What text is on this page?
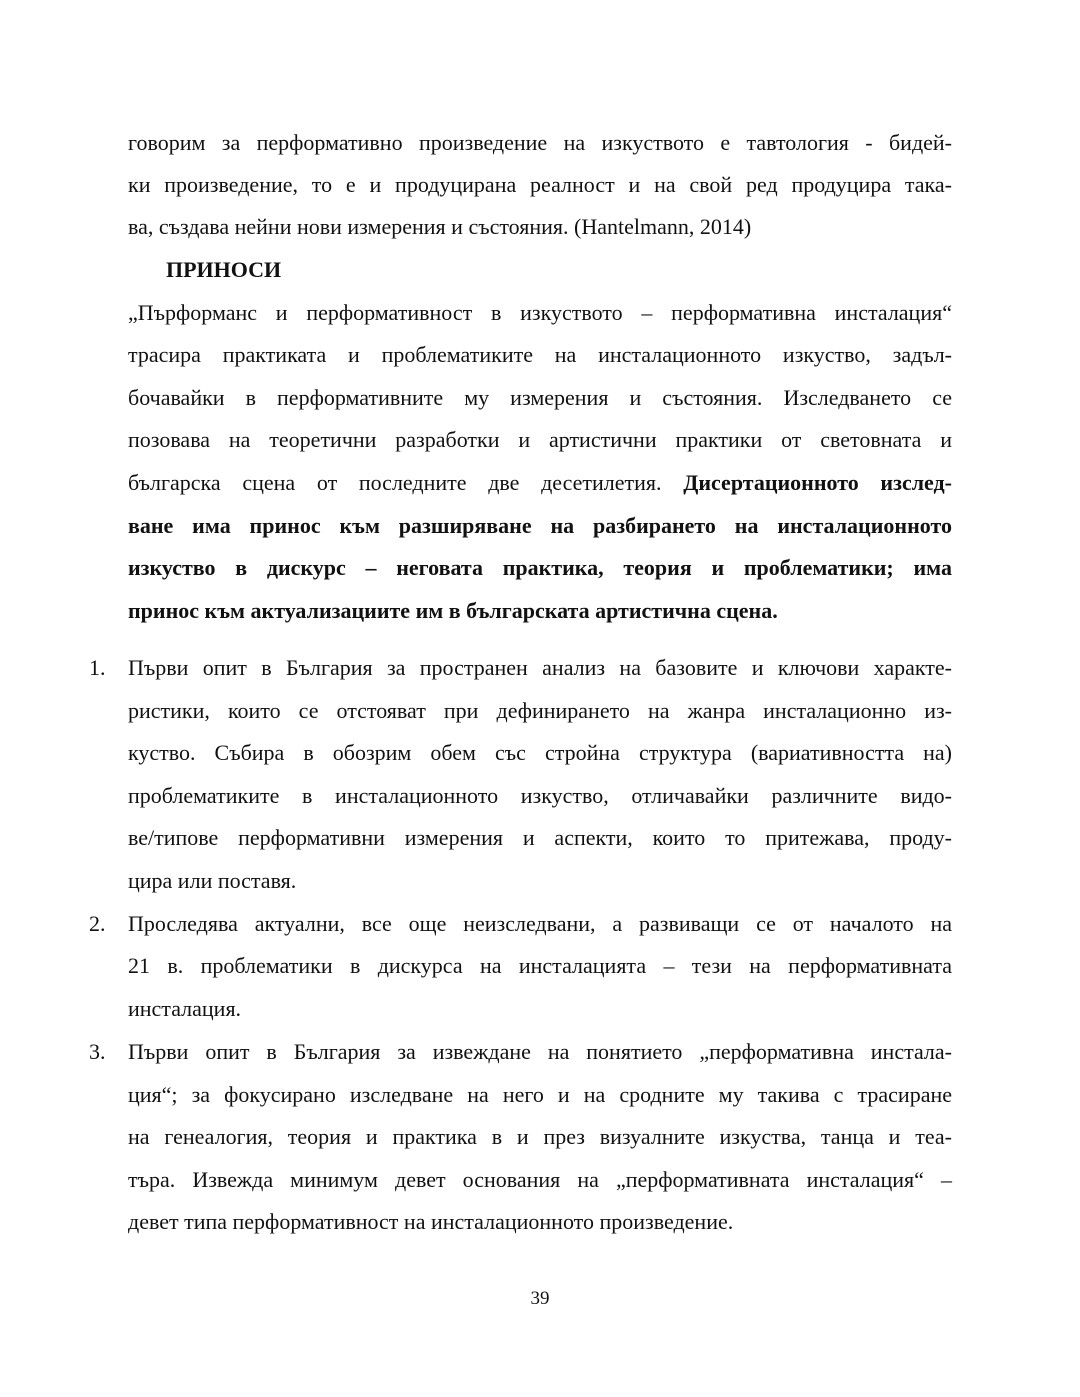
говорим за перформативно произведение на изкуството е тавтология - бидей-
ки произведение, то е и продуцирана реалност и на свой ред продуцира така-
ва, създава нейни нови измерения и състояния. (Hantelmann, 2014)
ПРИНОСИ
„Пърформанс и перформативност в изкуството – перформативна инсталация“
трасира практиката и проблематиките на инсталационното изкуство, задъл-
бочавайки в перформативните му измерения и състояния. Изследването се
позовава на теоретични разработки и артистични практики от световната и
българска сцена от последните две десетилетия. Дисертационното изслед-
ване има принос към разширяване на разбирането на инсталационното
изкуство в дискурс – неговата практика, теория и проблематики; има
принос към актуализациите им в българската артистична сцена.
1. Първи опит в България за пространен анализ на базовите и ключови характе-
ристики, които се отстояват при дефинирането на жанра инсталационно из-
куство. Събира в обозрим обем със стройна структура (вариативността на)
проблематиките в инсталационното изкуство, отличавайки различните видо-
ве/типове перформативни измерения и аспекти, които то притежава, проду-
цира или поставя.
2. Проследява актуални, все още неизследвани, а развиващи се от началото на
21 в. проблематики в дискурса на инсталацията – тези на перформативната
инсталация.
3. Първи опит в България за извеждане на понятието „перформативна инстала-
ция“; за фокусирано изследване на него и на сродните му такива с трасиране
на генеалогия, теория и практика в и през визуалните изкуства, танца и теа-
търа. Извежда минимум девет основания на „перформативната инсталация“ –
девет типа перформативност на инсталационното произведение.
39
